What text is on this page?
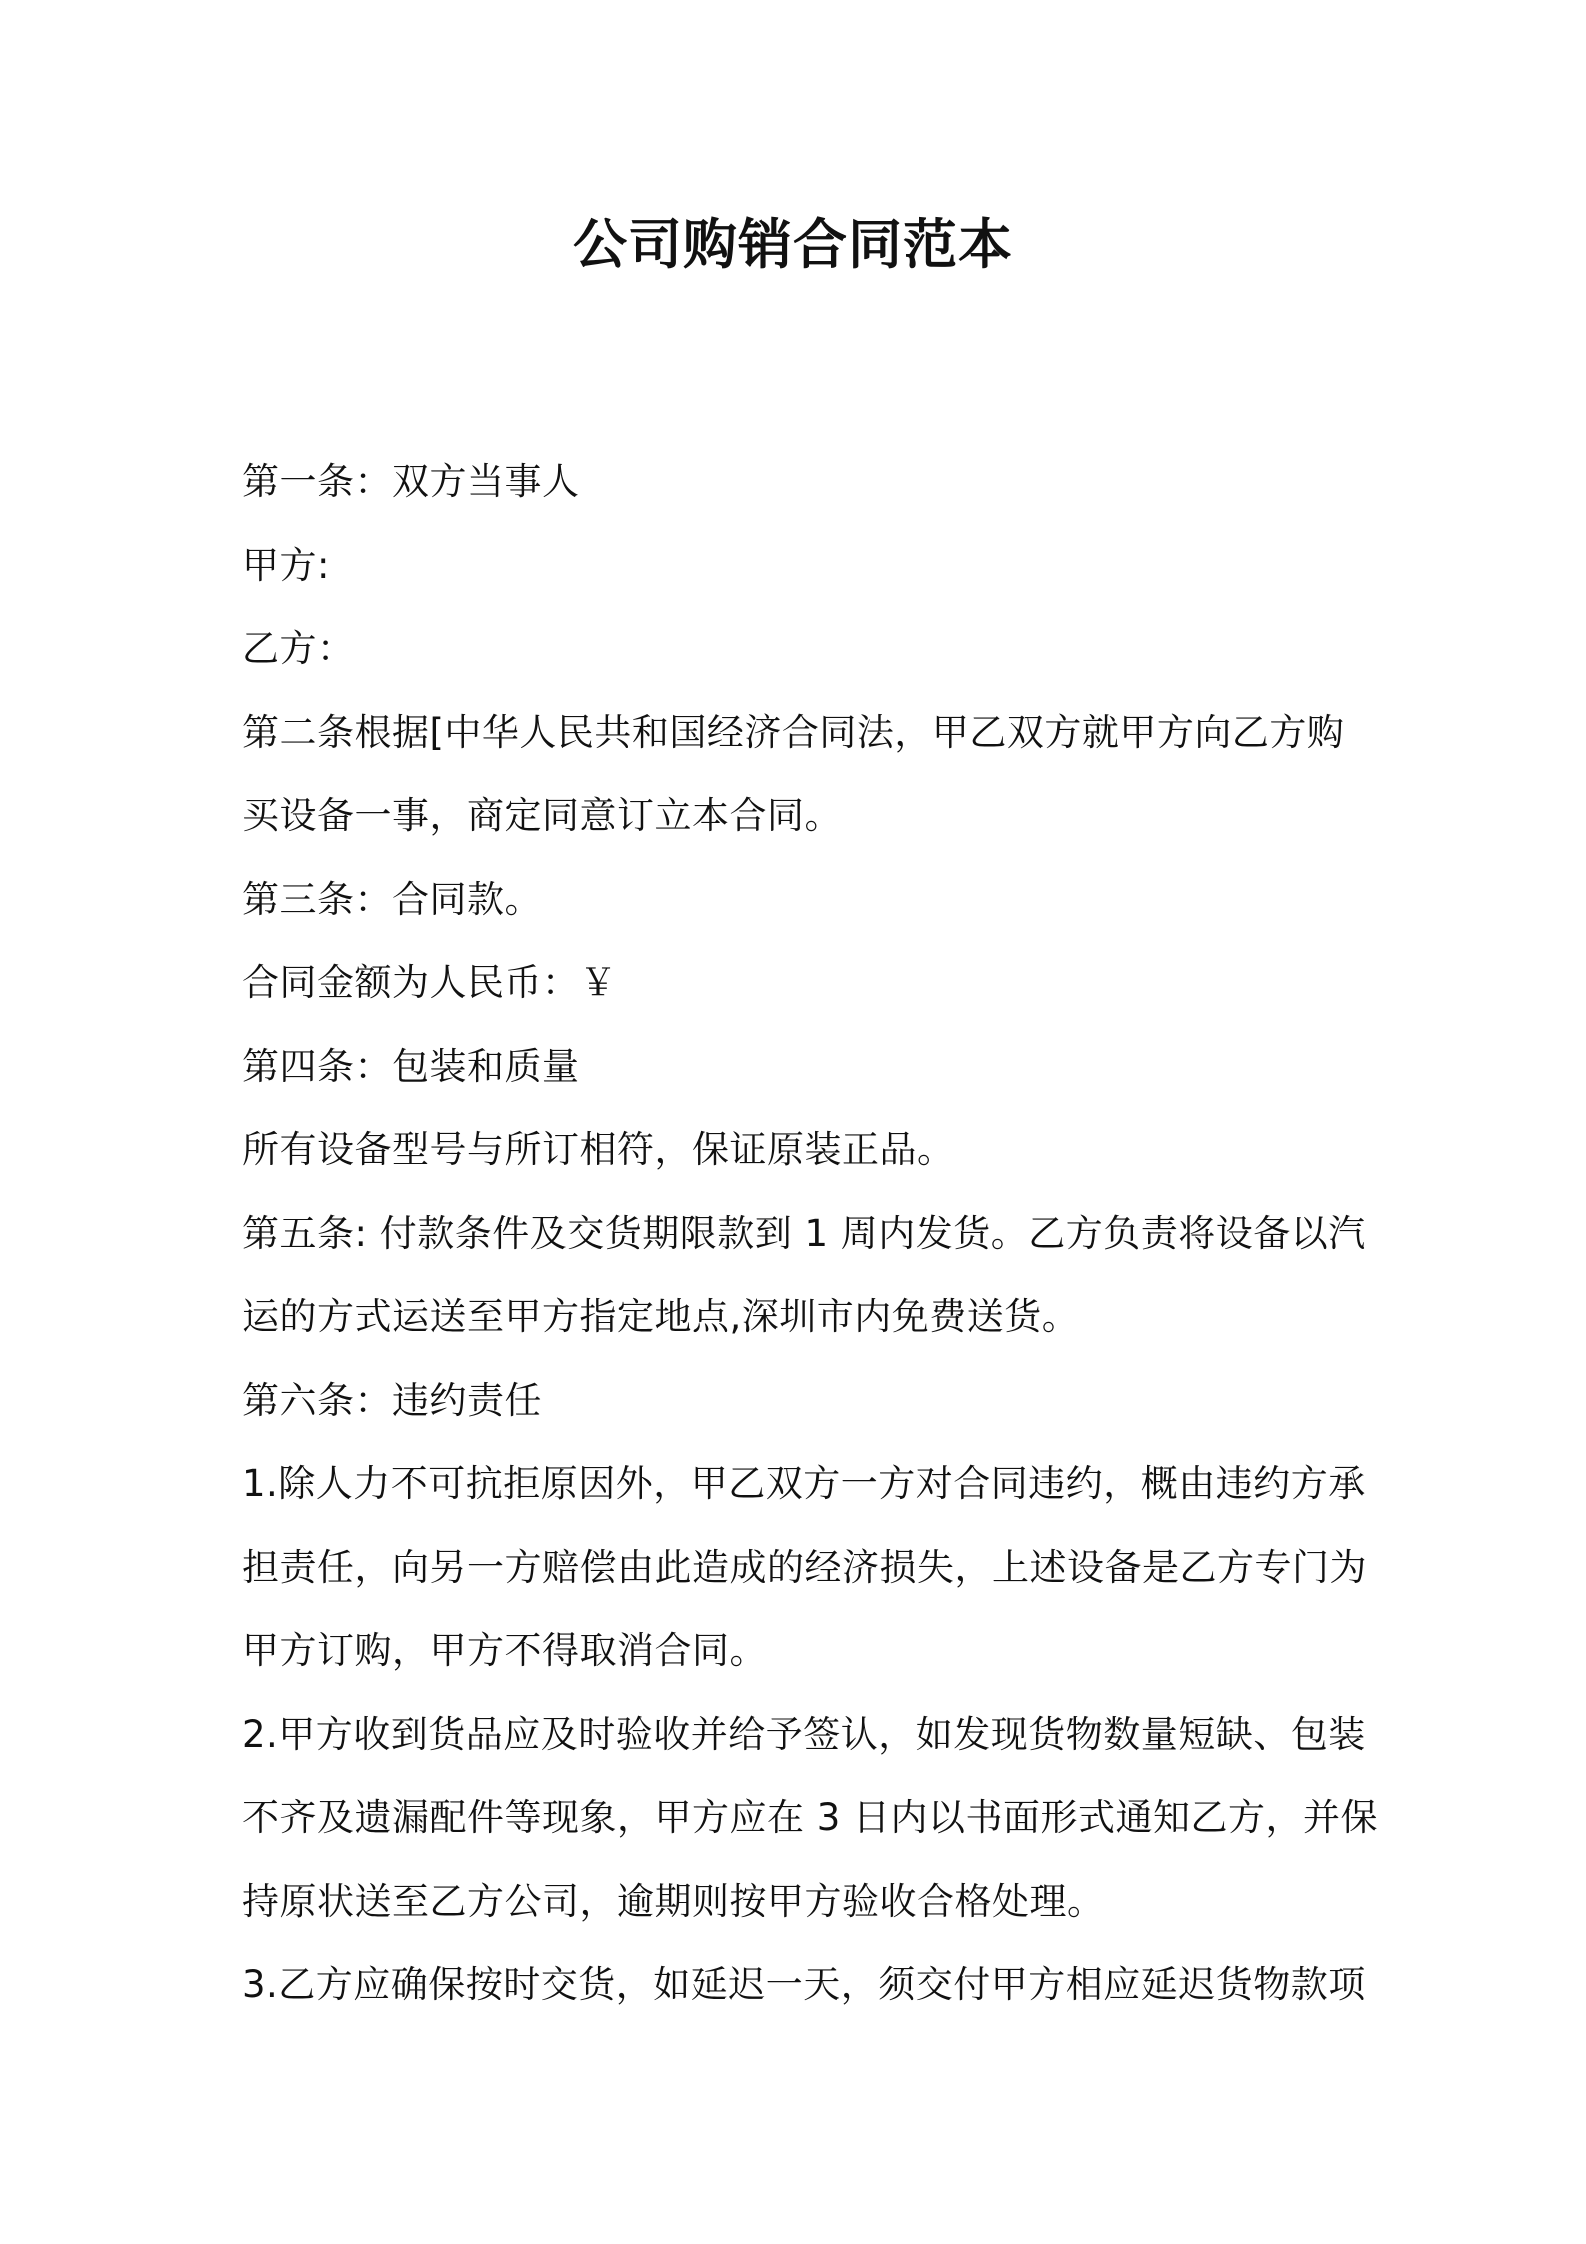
公司购销合同范本

第一条：双方当事人

甲方:

乙方：

第二条根据[中华人民共和国经济合同法，甲乙双方就甲方向乙方购

买设备一事，商定同意订立本合同。

第三条：合同款。

合同金额为人民币：￥

第四条：包装和质量

所有设备型号与所订相符，保证原装正品。

第五条: 付款条件及交货期限款到 1 周内发货。乙方负责将设备以汽

运的方式运送至甲方指定地点,深圳市内免费送货。

第六条：违约责任

1.除人力不可抗拒原因外，甲乙双方一方对合同违约，概由违约方承

担责任，向另一方赔偿由此造成的经济损失，上述设备是乙方专门为

甲方订购，甲方不得取消合同。

2.甲方收到货品应及时验收并给予签认，如发现货物数量短缺、包装

不齐及遗漏配件等现象，甲方应在 3 日内以书面形式通知乙方，并保

持原状送至乙方公司，逾期则按甲方验收合格处理。

3.乙方应确保按时交货，如延迟一天，须交付甲方相应延迟货物款项
